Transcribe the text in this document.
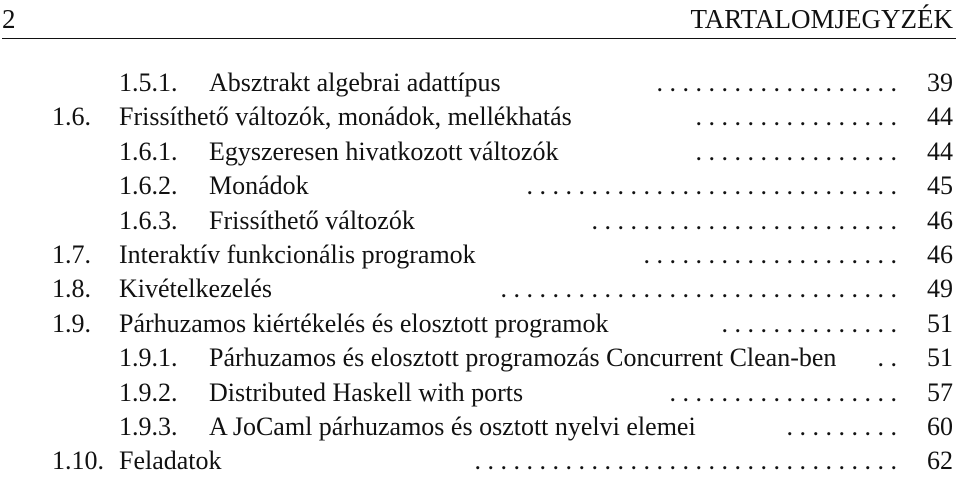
2	TARTALOMJEGYZÉK
1.5.1. Absztrakt algebrai adattípus	. . . . . . . . . . . . . . . . . . .	39
1.6. Frissíthető változók, monádok, mellékhatás	. . . . . . . . . . . . . . . .	44
1.6.1. Egyszeresen hivatkozott változók	. . . . . . . . . . . . . . . .	44
1.6.2. Monádok	. . . . . . . . . . . . . . . . . . . . . . . . . . . . .	45
1.6.3. Frissíthető változók	. . . . . . . . . . . . . . . . . . . . . . . .	46
1.7. Interaktív funkcionális programok	. . . . . . . . . . . . . . . . . . . .	46
1.8. Kivételkezelés	. . . . . . . . . . . . . . . . . . . . . . . . . . . . . . .	49
1.9. Párhuzamos kiértékelés és elosztott programok	. . . . . . . . . . . . . .	51
1.9.1. Párhuzamos és elosztott programozás Concurrent Clean-ben	. .	51
1.9.2. Distributed Haskell with ports	. . . . . . . . . . . . . . . . . .	57
1.9.3. A JoCaml párhuzamos és osztott nyelvi elemei	. . . . . . . . .	60
1.10. Feladatok	. . . . . . . . . . . . . . . . . . . . . . . . . . . . . . . . .	62
